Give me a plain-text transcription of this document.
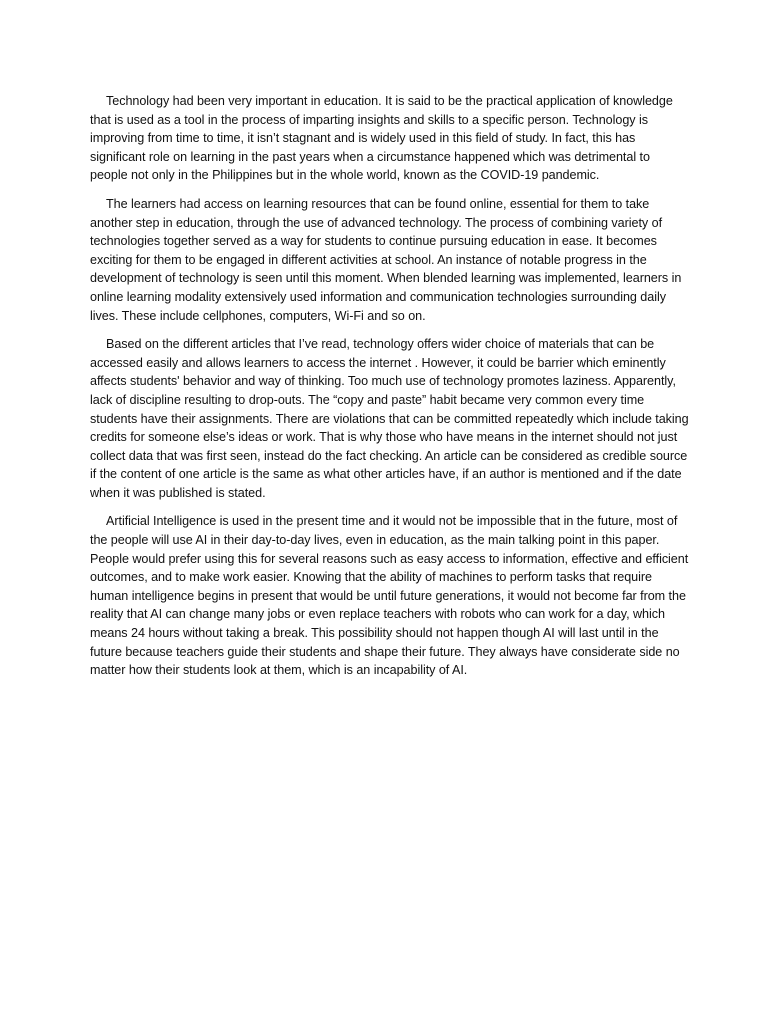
Technology had been very important in education. It is said to be the practical application of knowledge that is used as a tool in the process of imparting insights and skills to a specific person. Technology is improving from time to time, it isn’t stagnant and is widely used in this field of study. In fact, this has significant role on learning in the past years when a circumstance happened which was detrimental to people not only in the Philippines but in the whole world, known as the COVID-19 pandemic.

The learners had access on learning resources that can be found online, essential for them to take another step in education, through the use of advanced technology. The process of combining variety of technologies together served as a way for students to continue pursuing education in ease. It becomes exciting for them to be engaged in different activities at school. An instance of notable progress in the development of technology is seen until this moment. When blended learning was implemented, learners in online learning modality extensively used information and communication technologies surrounding daily lives. These include cellphones, computers, Wi-Fi and so on.

Based on the different articles that I’ve read, technology offers wider choice of materials that can be accessed easily and allows learners to access the internet . However, it could be barrier which eminently affects students' behavior and way of thinking. Too much use of technology promotes laziness. Apparently, lack of discipline resulting to drop-outs. The “copy and paste” habit became very common every time students have their assignments. There are violations that can be committed repeatedly which include taking credits for someone else’s ideas or work. That is why those who have means in the internet should not just collect data that was first seen, instead do the fact checking. An article can be considered as credible source if the content of one article is the same as what other articles have, if an author is mentioned and if the date when it was published is stated.

Artificial Intelligence is used in the present time and it would not be impossible that in the future, most of the people will use AI in their day-to-day lives, even in education, as the main talking point in this paper. People would prefer using this for several reasons such as easy access to information, effective and efficient outcomes, and to make work easier. Knowing that the ability of machines to perform tasks that require human intelligence begins in present that would be until future generations, it would not become far from the reality that AI can change many jobs or even replace teachers with robots who can work for a day, which means 24 hours without taking a break. This possibility should not happen though AI will last until in the future because teachers guide their students and shape their future. They always have considerate side no matter how their students look at them, which is an incapability of AI.
